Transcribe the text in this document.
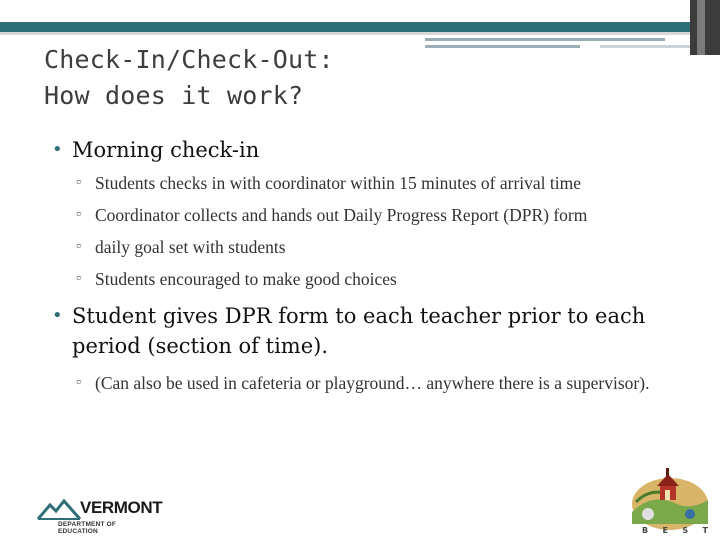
Check-In/Check-Out:
How does it work?
• Morning check-in
▫ Students checks in with coordinator within 15 minutes of arrival time
▫ Coordinator collects and hands out Daily Progress Report (DPR) form
▫ daily goal set with students
▫ Students encouraged to make good choices
• Student gives DPR form to each teacher prior to each period (section of time).
▫ (Can also be used in cafeteria or playground… anywhere there is a supervisor).
VERMONT
DEPARTMENT OF EDUCATION	B E S T
